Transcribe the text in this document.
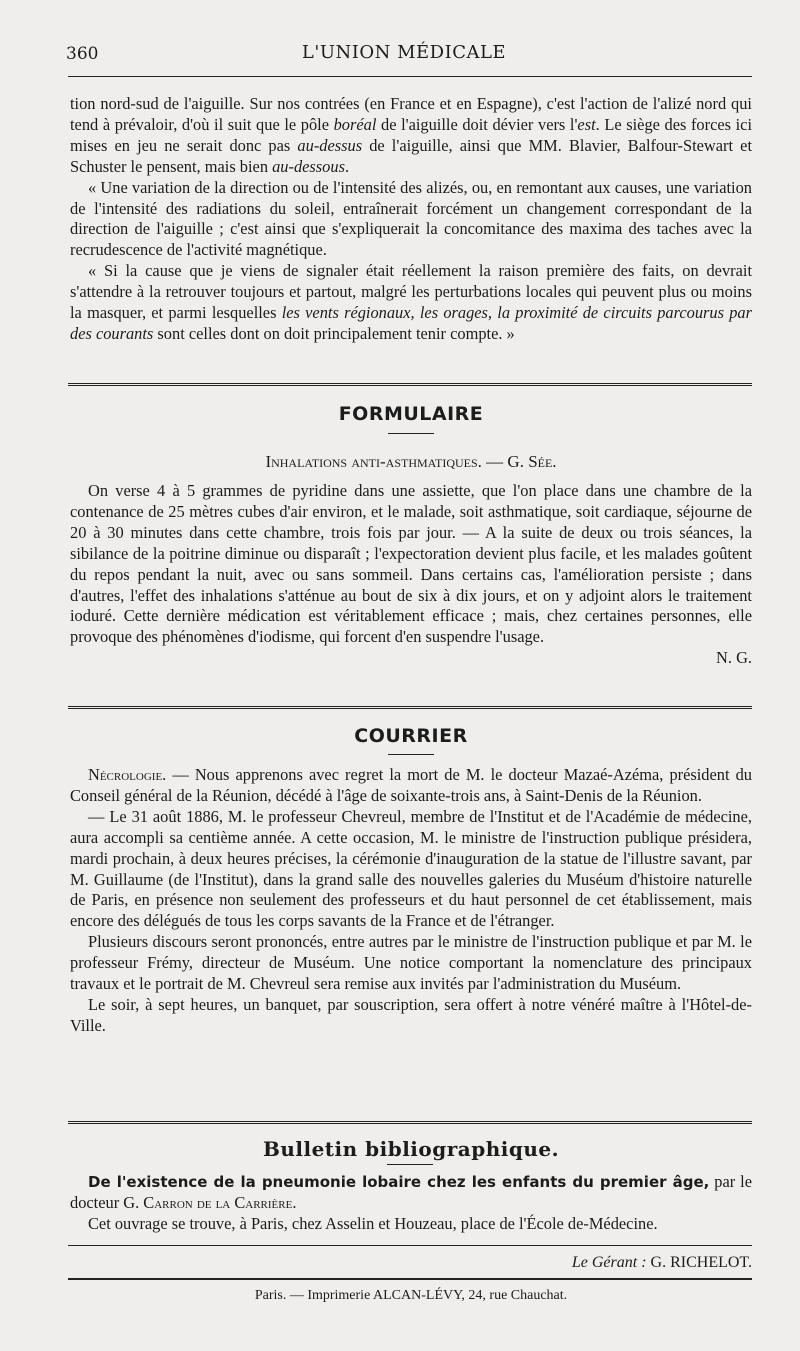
360	L'UNION MÉDICALE

tion nord-sud de l'aiguille. Sur nos contrées (en France et en Espagne), c'est l'action de l'alizé nord qui tend à prévaloir, d'où il suit que le pôle boréal de l'aiguille doit dévier vers l'est. Le siège des forces ici mises en jeu ne serait donc pas au-dessus de l'aiguille, ainsi que MM. Blavier, Balfour-Stewart et Schuster le pensent, mais bien au-dessous.

« Une variation de la direction ou de l'intensité des alizés, ou, en remontant aux causes, une variation de l'intensité des radiations du soleil, entraînerait forcément un changement correspondant de la direction de l'aiguille ; c'est ainsi que s'expliquerait la concomitance des maxima des taches avec la recrudescence de l'activité magnétique.

« Si la cause que je viens de signaler était réellement la raison première des faits, on devrait s'attendre à la retrouver toujours et partout, malgré les perturbations locales qui peuvent plus ou moins la masquer, et parmi lesquelles les vents régionaux, les orages, la proximité de circuits parcourus par des courants sont celles dont on doit principalement tenir compte. »

FORMULAIRE
Inhalations anti-asthmatiques. — G. Sée.

On verse 4 à 5 grammes de pyridine dans une assiette, que l'on place dans une chambre de la contenance de 25 mètres cubes d'air environ, et le malade, soit asthmatique, soit cardiaque, séjourne de 20 à 30 minutes dans cette chambre, trois fois par jour. — A la suite de deux ou trois séances, la sibilance de la poitrine diminue ou disparaît ; l'expectoration devient plus facile, et les malades goûtent du repos pendant la nuit, avec ou sans sommeil. Dans certains cas, l'amélioration persiste ; dans d'autres, l'effet des inhalations s'atténue au bout de six à dix jours, et on y adjoint alors le traitement ioduré. Cette dernière médication est véritablement efficace ; mais, chez certaines personnes, elle provoque des phénomènes d'iodisme, qui forcent d'en suspendre l'usage.

N. G.

COURRIER

Nécrologie. — Nous apprenons avec regret la mort de M. le docteur Mazaé-Azéma, président du Conseil général de la Réunion, décédé à l'âge de soixante-trois ans, à Saint-Denis de la Réunion.

— Le 31 août 1886, M. le professeur Chevreul, membre de l'Institut et de l'Académie de médecine, aura accompli sa centième année. A cette occasion, M. le ministre de l'instruction publique présidera, mardi prochain, à deux heures précises, la cérémonie d'inauguration de la statue de l'illustre savant, par M. Guillaume (de l'Institut), dans la grand salle des nouvelles galeries du Muséum d'histoire naturelle de Paris, en présence non seulement des professeurs et du haut personnel de cet établissement, mais encore des délégués de tous les corps savants de la France et de l'étranger.

Plusieurs discours seront prononcés, entre autres par le ministre de l'instruction publique et par M. le professeur Frémy, directeur de Muséum. Une notice comportant la nomenclature des principaux travaux et le portrait de M. Chevreul sera remise aux invités par l'administration du Muséum.

Le soir, à sept heures, un banquet, par souscription, sera offert à notre vénéré maître à l'Hôtel-de-Ville.

Bulletin bibliographique.

De l'existence de la pneumonie lobaire chez les enfants du premier âge, par le docteur G. Carron de la Carrière.

Cet ouvrage se trouve, à Paris, chez Asselin et Houzeau, place de l'École de-Médecine.

Le Gérant : G. RICHELOT.
Paris. — Imprimerie ALCAN-LÉVY, 24, rue Chauchat.
